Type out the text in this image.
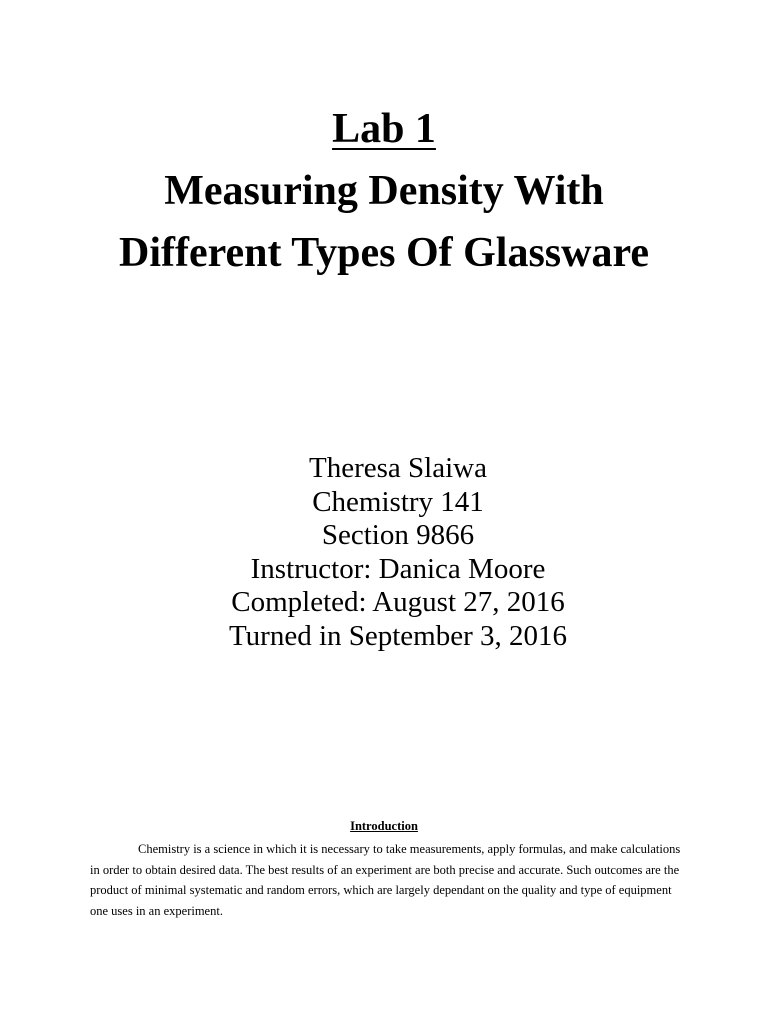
Lab 1
Measuring Density With
Different Types Of Glassware
Theresa Slaiwa
Chemistry 141
Section 9866
Instructor: Danica Moore
Completed: August 27, 2016
Turned in September 3, 2016
Introduction

Chemistry is a science in which it is necessary to take measurements, apply formulas, and make calculations in order to obtain desired data. The best results of an experiment are both precise and accurate. Such outcomes are the product of minimal systematic and random errors, which are largely dependant on the quality and type of equipment one uses in an experiment.
